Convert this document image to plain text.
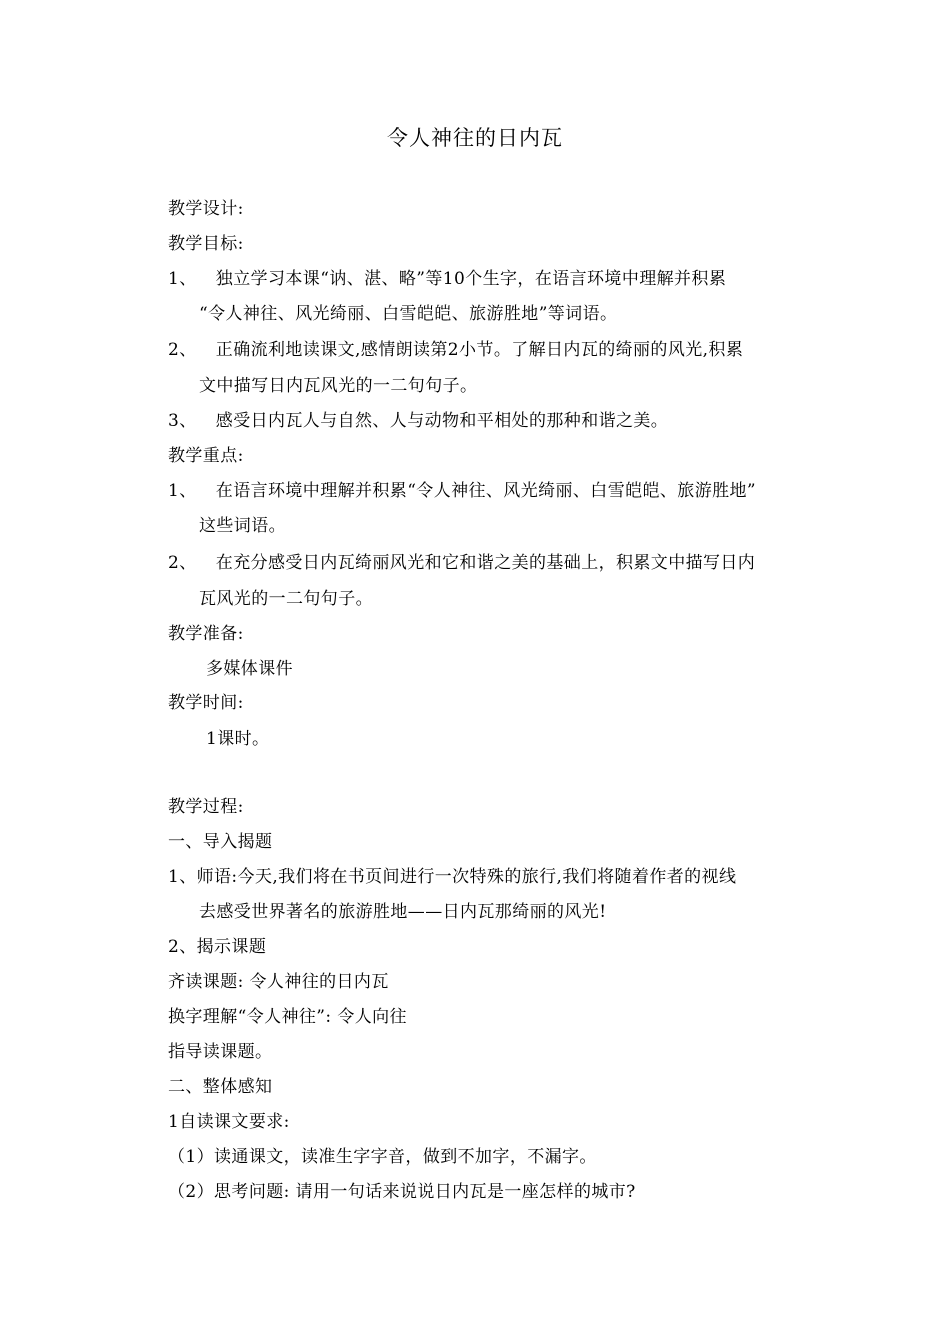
令人神往的日内瓦
教学设计:
教学目标:
1、 独立学习本课“讷、湛、略”等10个生字，在语言环境中理解并积累
“令人神往、风光绮丽、白雪皑皑、旅游胜地”等词语。
2、 正确流利地读课文,感情朗读第2小节。了解日内瓦的绮丽的风光,积累
文中描写日内瓦风光的一二句句子。
3、 感受日内瓦人与自然、人与动物和平相处的那种和谐之美。
教学重点:
1、 在语言环境中理解并积累“令人神往、风光绮丽、白雪皑皑、旅游胜地”
这些词语。
2、 在充分感受日内瓦绮丽风光和它和谐之美的基础上，积累文中描写日内
瓦风光的一二句句子。
教学准备:
多媒体课件
教学时间:
1课时。
教学过程:
一、导入揭题
1、师语:今天,我们将在书页间进行一次特殊的旅行,我们将随着作者的视线
去感受世界著名的旅游胜地——日内瓦那绮丽的风光!
2、揭示课题
齐读课题: 令人神往的日内瓦
换字理解“令人神往”: 令人向往
指导读课题。
二、整体感知
1自读课文要求:
（1）读通课文，读准生字字音，做到不加字，不漏字。
（2）思考问题: 请用一句话来说说日内瓦是一座怎样的城市?
